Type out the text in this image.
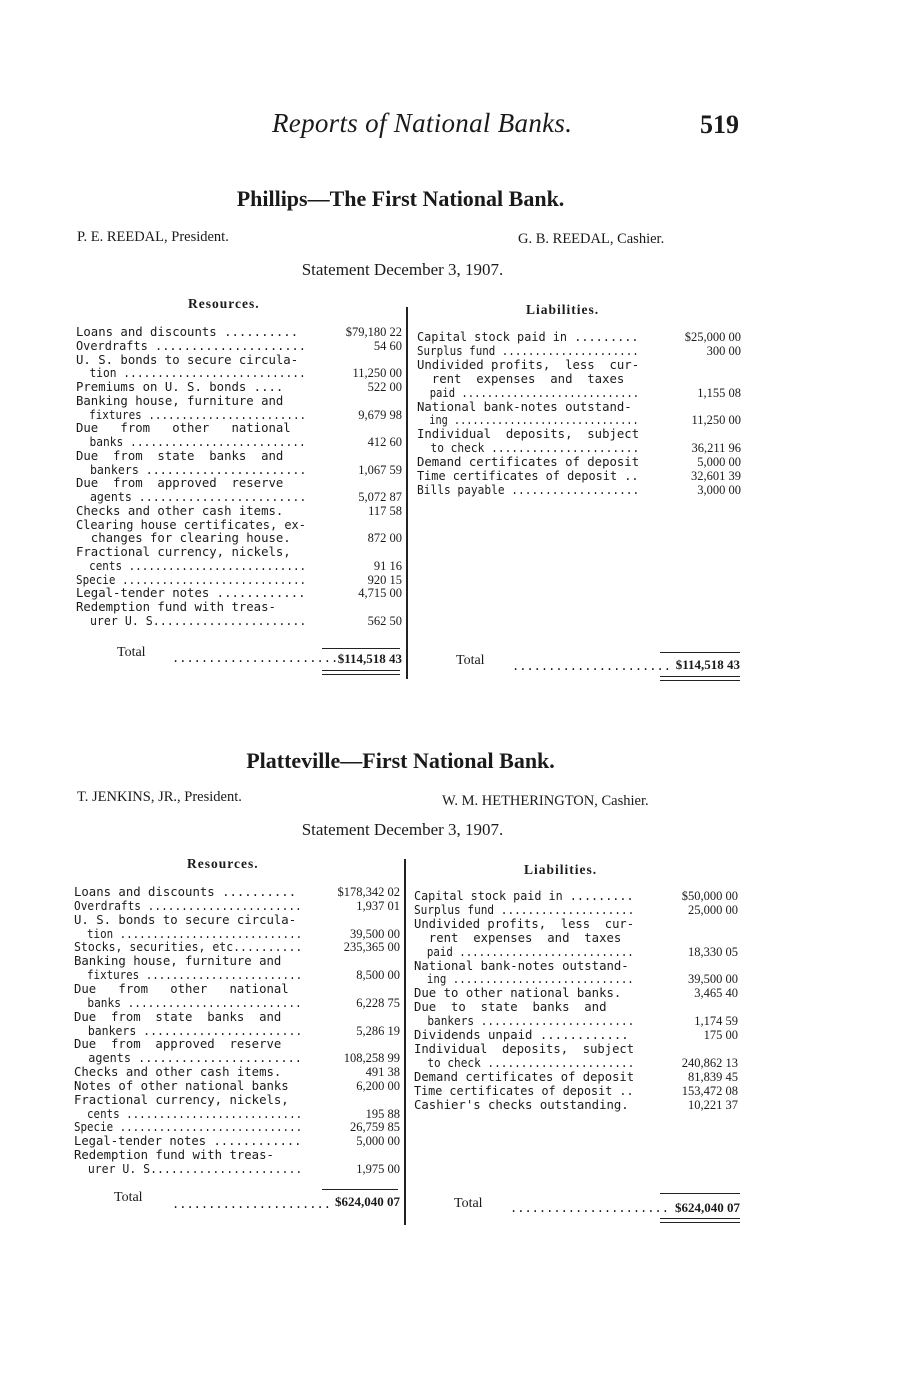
Reports of National Banks.	519
Phillips—The First National Bank.
P. E. REEDAL, President.	G. B. REEDAL, Cashier.
Statement December 3, 1907.
Resources.	Liabilities.
Loans and discounts ..........	$79,180 22
Overdrafts .....................	54 60
U. S. bonds to secure circula-
tion ...........................	11,250 00
Premiums on U. S. bonds ....	522 00
Banking house, furniture and
fixtures ........................	9,679 98
Due   from   other   national
banks ..........................	412 60
Due  from  state  banks  and
bankers .......................	1,067 59
Due  from  approved  reserve
agents ........................	5,072 87
Checks and other cash items.	117 58
Clearing house certificates, ex-
changes for clearing house.	872 00
Fractional currency, nickels,
cents ...........................	91 16
Specie ............................	920 15
Legal-tender notes ............	4,715 00
Redemption fund with treas-
urer U. S......................	562 50
Capital stock paid in .........	$25,000 00
Surplus fund .....................	300 00
Undivided profits,  less  cur-
rent  expenses  and  taxes
paid ............................	1,155 08
National bank-notes outstand-
ing ..............................	11,250 00
Individual  deposits,  subject
to check ......................	36,211 96
Demand certificates of deposit	5,000 00
Time certificates of deposit ..	32,601 39
Bills payable ...................	3,000 00
Total ....................... $114,518 43	Total ...................... $114,518 43
Platteville—First National Bank.
T. JENKINS, JR., President.	W. M. HETHERINGTON, Cashier.
Statement December 3, 1907.
Resources.	Liabilities.
Loans and discounts ..........	$178,342 02
Overdrafts .......................	1,937 01
U. S. bonds to secure circula-
tion ............................	39,500 00
Stocks, securities, etc..........	235,365 00
Banking house, furniture and
fixtures ........................	8,500 00
Due   from   other   national
banks ..........................	6,228 75
Due  from  state  banks  and
bankers .......................	5,286 19
Due  from  approved  reserve
agents .......................	108,258 99
Checks and other cash items.	491 38
Notes of other national banks	6,200 00
Fractional currency, nickels,
cents ...........................	195 88
Specie ............................	26,759 85
Legal-tender notes ............	5,000 00
Redemption fund with treas-
urer U. S......................	1,975 00
Capital stock paid in .........	$50,000 00
Surplus fund ....................	25,000 00
Undivided profits,  less  cur-
rent  expenses  and  taxes
paid ...........................	18,330 05
National bank-notes outstand-
ing ............................	39,500 00
Due to other national banks.	3,465 40
Due  to  state  banks  and
bankers .......................	1,174 59
Dividends unpaid ............	175 00
Individual  deposits,  subject
to check ......................	240,862 13
Demand certificates of deposit	81,839 45
Time certificates of deposit ..	153,472 08
Cashier's checks outstanding.	10,221 37
Total ...................... $624,040 07	Total ...................... $624,040 07
